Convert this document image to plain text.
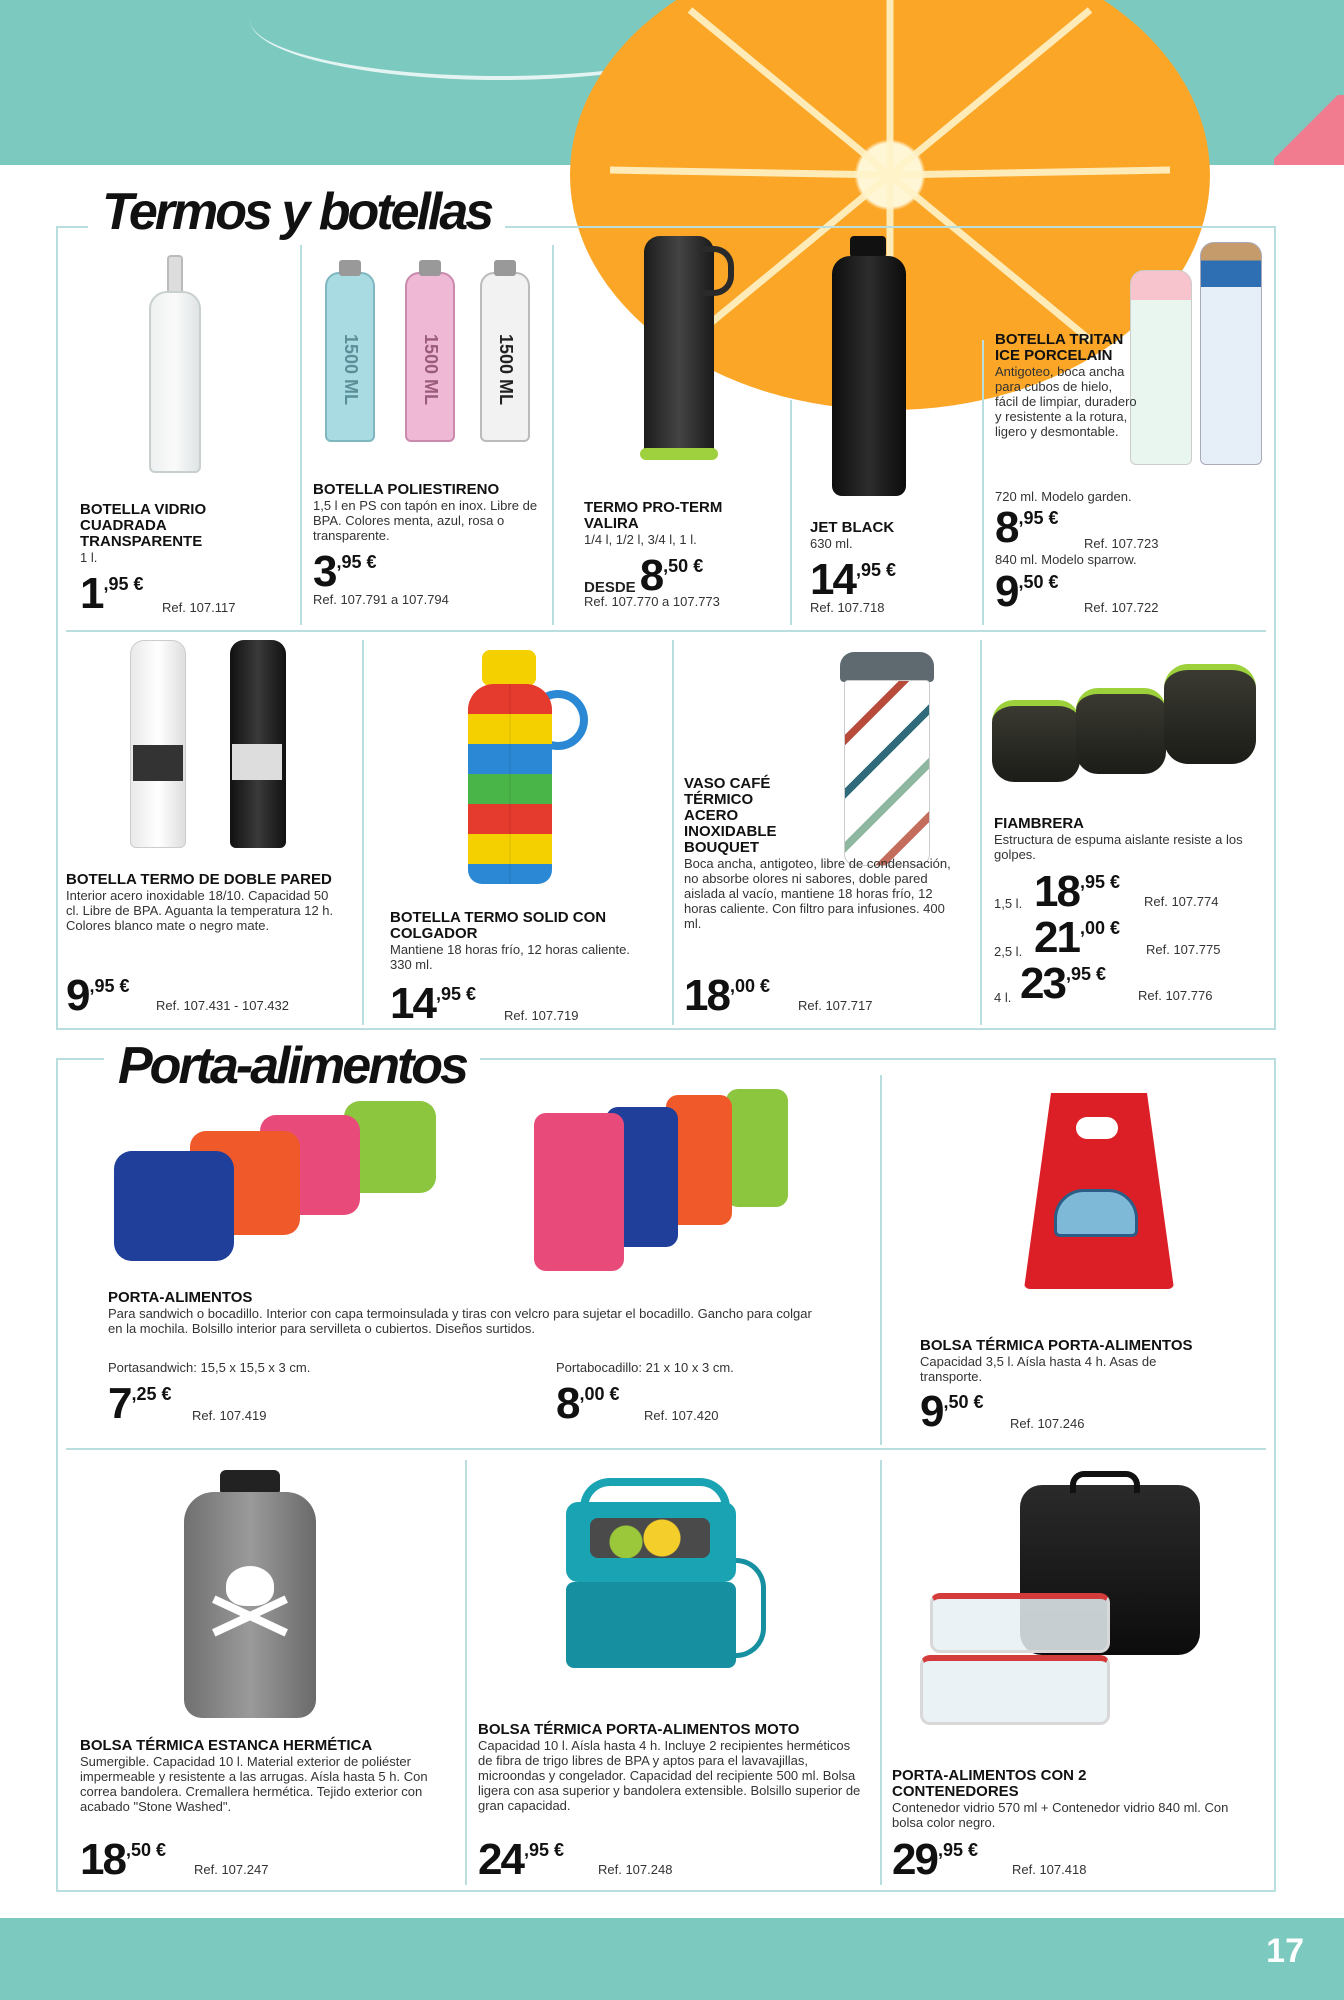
Termos y botellas
Porta-alimentos
1500 ML	1500 ML	1500 ML
BOTELLA VIDRIO CUADRADA TRANSPARENTE
1 l.
1 ,95 €
Ref. 107.117
BOTELLA POLIESTIRENO
1,5 l en PS con tapón en inox. Libre de BPA. Colores menta, azul, rosa o transparente.
3 ,95 €
Ref. 107.791 a 107.794
TERMO PRO-TERM VALIRA
1/4 l, 1/2 l, 3/4 l, 1 l.
DESDE 8 ,50 €
Ref. 107.770 a 107.773
JET BLACK
630 ml.
14 ,95 €
Ref. 107.718
BOTELLA TRITAN ICE PORCELAIN
Antigoteo, boca ancha para cubos de hielo, fácil de limpiar, duradero y resistente a la rotura, ligero y desmontable.
720 ml. Modelo garden.
8 ,95 €
Ref. 107.723
840 ml. Modelo sparrow.
9 ,50 €
Ref. 107.722
BOTELLA TERMO DE DOBLE PARED
Interior acero inoxidable 18/10. Capacidad 50 cl. Libre de BPA. Aguanta la temperatura 12 h. Colores blanco mate o negro mate.
9 ,95 €
Ref. 107.431 - 107.432
BOTELLA TERMO SOLID CON COLGADOR
Mantiene 18 horas frío, 12 horas caliente. 330 ml.
14 ,95 €
Ref. 107.719
VASO CAFÉ TÉRMICO ACERO INOXIDABLE BOUQUET
Boca ancha, antigoteo, libre de condensación, no absorbe olores ni sabores, doble pared aislada al vacío, mantiene 18 horas frío, 12 horas caliente. Con filtro para infusiones. 400 ml.
18 ,00 €
Ref. 107.717
FIAMBRERA
Estructura de espuma aislante resiste a los golpes.
1,5 l. 18 ,95 €
Ref. 107.774
2,5 l. 21 ,00 €
Ref. 107.775
4 l. 23 ,95 €
Ref. 107.776
PORTA-ALIMENTOS
Para sandwich o bocadillo. Interior con capa termoinsulada y tiras con velcro para sujetar el bocadillo. Gancho para colgar en la mochila. Bolsillo interior para servilleta o cubiertos. Diseños surtidos.
Portasandwich: 15,5 x 15,5 x 3 cm.
7 ,25 €
Ref. 107.419
Portabocadillo: 21 x 10 x 3 cm.
8 ,00 €
Ref. 107.420
BOLSA TÉRMICA PORTA-ALIMENTOS
Capacidad 3,5 l. Aísla hasta 4 h. Asas de transporte.
9 ,50 €
Ref. 107.246
BOLSA TÉRMICA ESTANCA HERMÉTICA
Sumergible. Capacidad 10 l. Material exterior de poliéster impermeable y resistente a las arrugas. Aísla hasta 5 h. Con correa bandolera. Cremallera hermética. Tejido exterior con acabado "Stone Washed".
18 ,50 €
Ref. 107.247
BOLSA TÉRMICA PORTA-ALIMENTOS MOTO
Capacidad 10 l. Aísla hasta 4 h. Incluye 2 recipientes herméticos de fibra de trigo libres de BPA y aptos para el lavavajillas, microondas y congelador. Capacidad del recipiente 500 ml. Bolsa ligera con asa superior y bandolera extensible. Bolsillo superior de gran capacidad.
24 ,95 €
Ref. 107.248
PORTA-ALIMENTOS CON 2 CONTENEDORES
Contenedor vidrio 570 ml + Contenedor vidrio 840 ml. Con bolsa color negro.
29 ,95 €
Ref. 107.418
17
